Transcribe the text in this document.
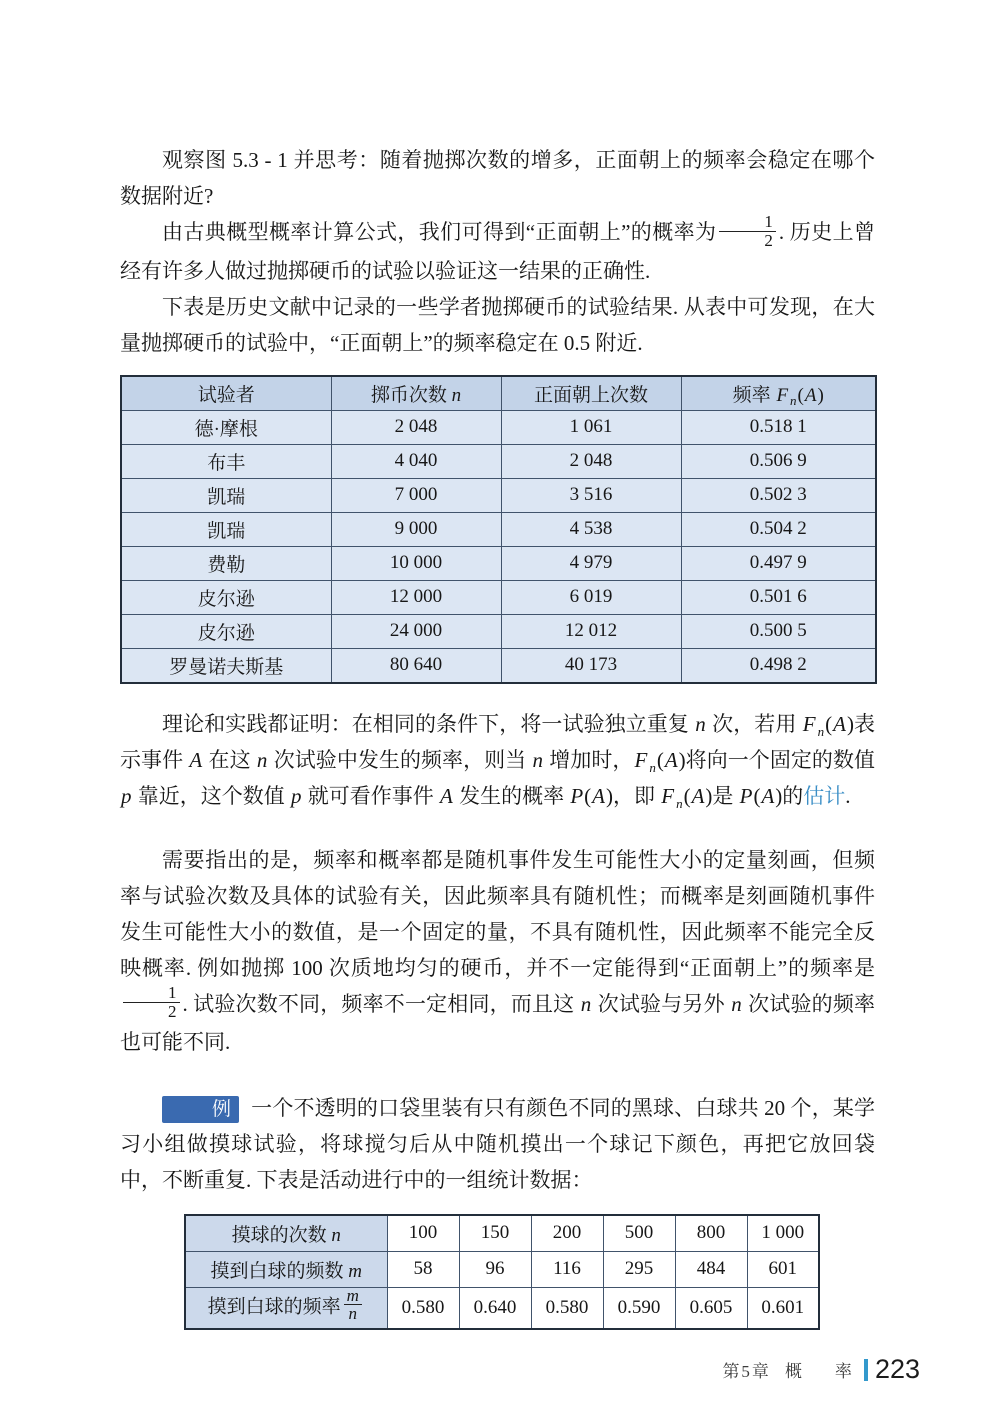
观察图 5.3 - 1 并思考：随着抛掷次数的增多，正面朝上的频率会稳定在哪个数据附近?

由古典概型概率计算公式，我们可得到“正面朝上”的概率为 $\frac{1}{2}$ . 历史上曾经有许多人做过抛掷硬币的试验以验证这一结果的正确性.

下表是历史文献中记录的一些学者抛掷硬币的试验结果. 从表中可发现，在大量抛掷硬币的试验中，“正面朝上”的频率稳定在 0.5 附近.

试验者	掷币次数 n	正面朝上次数	频率 F $_n$(A)
德·摩根	2 048	1 061	0.518 1
布丰	4 040	2 048	0.506 9
凯瑞	7 000	3 516	0.502 3
凯瑞	9 000	4 538	0.504 2
费勒	10 000	4 979	0.497 9
皮尔逊	12 000	6 019	0.501 6
皮尔逊	24 000	12 012	0.500 5
罗曼诺夫斯基	80 640	40 173	0.498 2

理论和实践都证明：在相同的条件下，将一试验独立重复 n 次，若用 F $_n$(A)表示事件 A 在这 n 次试验中发生的频率，则当 n 增加时，F $_n$(A)将向一个固定的数值 p 靠近，这个数值 p 就可看作事件 A 发生的概率 P(A)，即 F $_n$(A)是 P(A)的估计.

需要指出的是，频率和概率都是随机事件发生可能性大小的定量刻画，但频率与试验次数及具体的试验有关，因此频率具有随机性；而概率是刻画随机事件发生可能性大小的数值，是一个固定的量，不具有随机性，因此频率不能完全反映概率. 例如抛掷 100 次质地均匀的硬币，并不一定能得到“正面朝上”的频率是
$\frac{1}{2}$ . 试验次数不同，频率不一定相同，而且这 n 次试验与另外 n 次试验的频率也可能不同.

例 一个不透明的口袋里装有只有颜色不同的黑球、白球共 20 个，某学习小组做摸球试验，将球搅匀后从中随机摸出一个球记下颜色，再把它放回袋中，不断重复. 下表是活动进行中的一组统计数据：

摸球的次数 n	100	150	200	500	800	1 000
摸到白球的频数 m	58	96	116	295	484	601
摸到白球的频率 $\frac{m}{n}$	0.580	0.640	0.580	0.590	0.605	0.601
第5章 概　率 223
